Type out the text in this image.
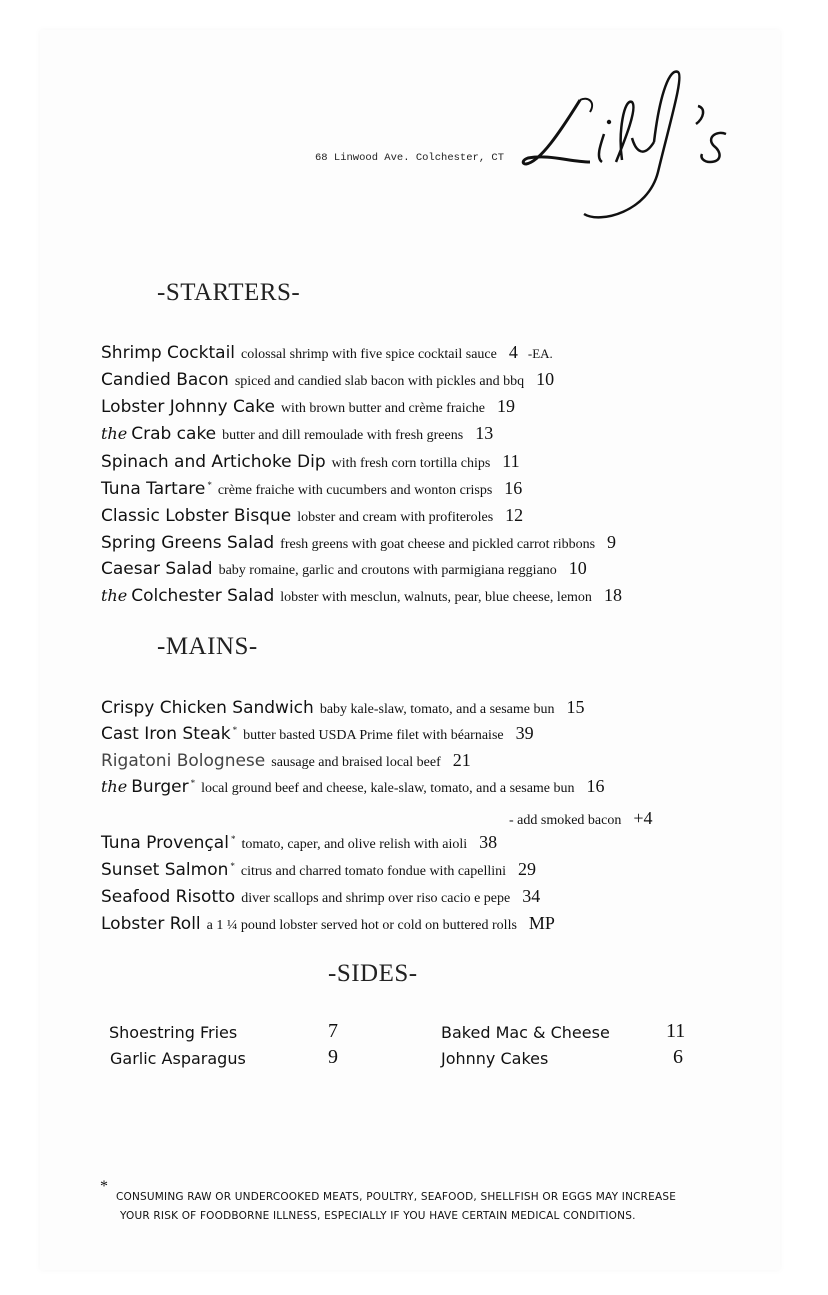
68 Linwood Ave. Colchester, CT
-STARTERS-
Shrimp Cocktail colossal shrimp with five spice cocktail sauce 4 -EA.
Candied Bacon spiced and candied slab bacon with pickles and bbq 10
Lobster Johnny Cake with brown butter and crème fraiche 19
the Crab cake butter and dill remoulade with fresh greens 13
Spinach and Artichoke Dip with fresh corn tortilla chips 11
Tuna Tartare * crème fraiche with cucumbers and wonton crisps 16
Classic Lobster Bisque lobster and cream with profiteroles 12
Spring Greens Salad fresh greens with goat cheese and pickled carrot ribbons 9
Caesar Salad baby romaine, garlic and croutons with parmigiana reggiano 10
the Colchester Salad lobster with mesclun, walnuts, pear, blue cheese, lemon 18
-MAINS-
Crispy Chicken Sandwich baby kale-slaw, tomato, and a sesame bun 15
Cast Iron Steak * butter basted USDA Prime filet with béarnaise 39
Rigatoni Bolognese sausage and braised local beef 21
the Burger * local ground beef and cheese, kale-slaw, tomato, and a sesame bun 16
- add smoked bacon +4
Tuna Provençal * tomato, caper, and olive relish with aioli 38
Sunset Salmon * citrus and charred tomato fondue with capellini 29
Seafood Risotto diver scallops and shrimp over riso cacio e pepe 34
Lobster Roll a 1 ¼ pound lobster served hot or cold on buttered rolls MP
-SIDES-
Shoestring Fries	7
Garlic Asparagus	9
Baked Mac & Cheese	11
Johnny Cakes	6
*
CONSUMING RAW OR UNDERCOOKED MEATS, POULTRY, SEAFOOD, SHELLFISH OR EGGS MAY INCREASE
YOUR RISK OF FOODBORNE ILLNESS, ESPECIALLY IF YOU HAVE CERTAIN MEDICAL CONDITIONS.
